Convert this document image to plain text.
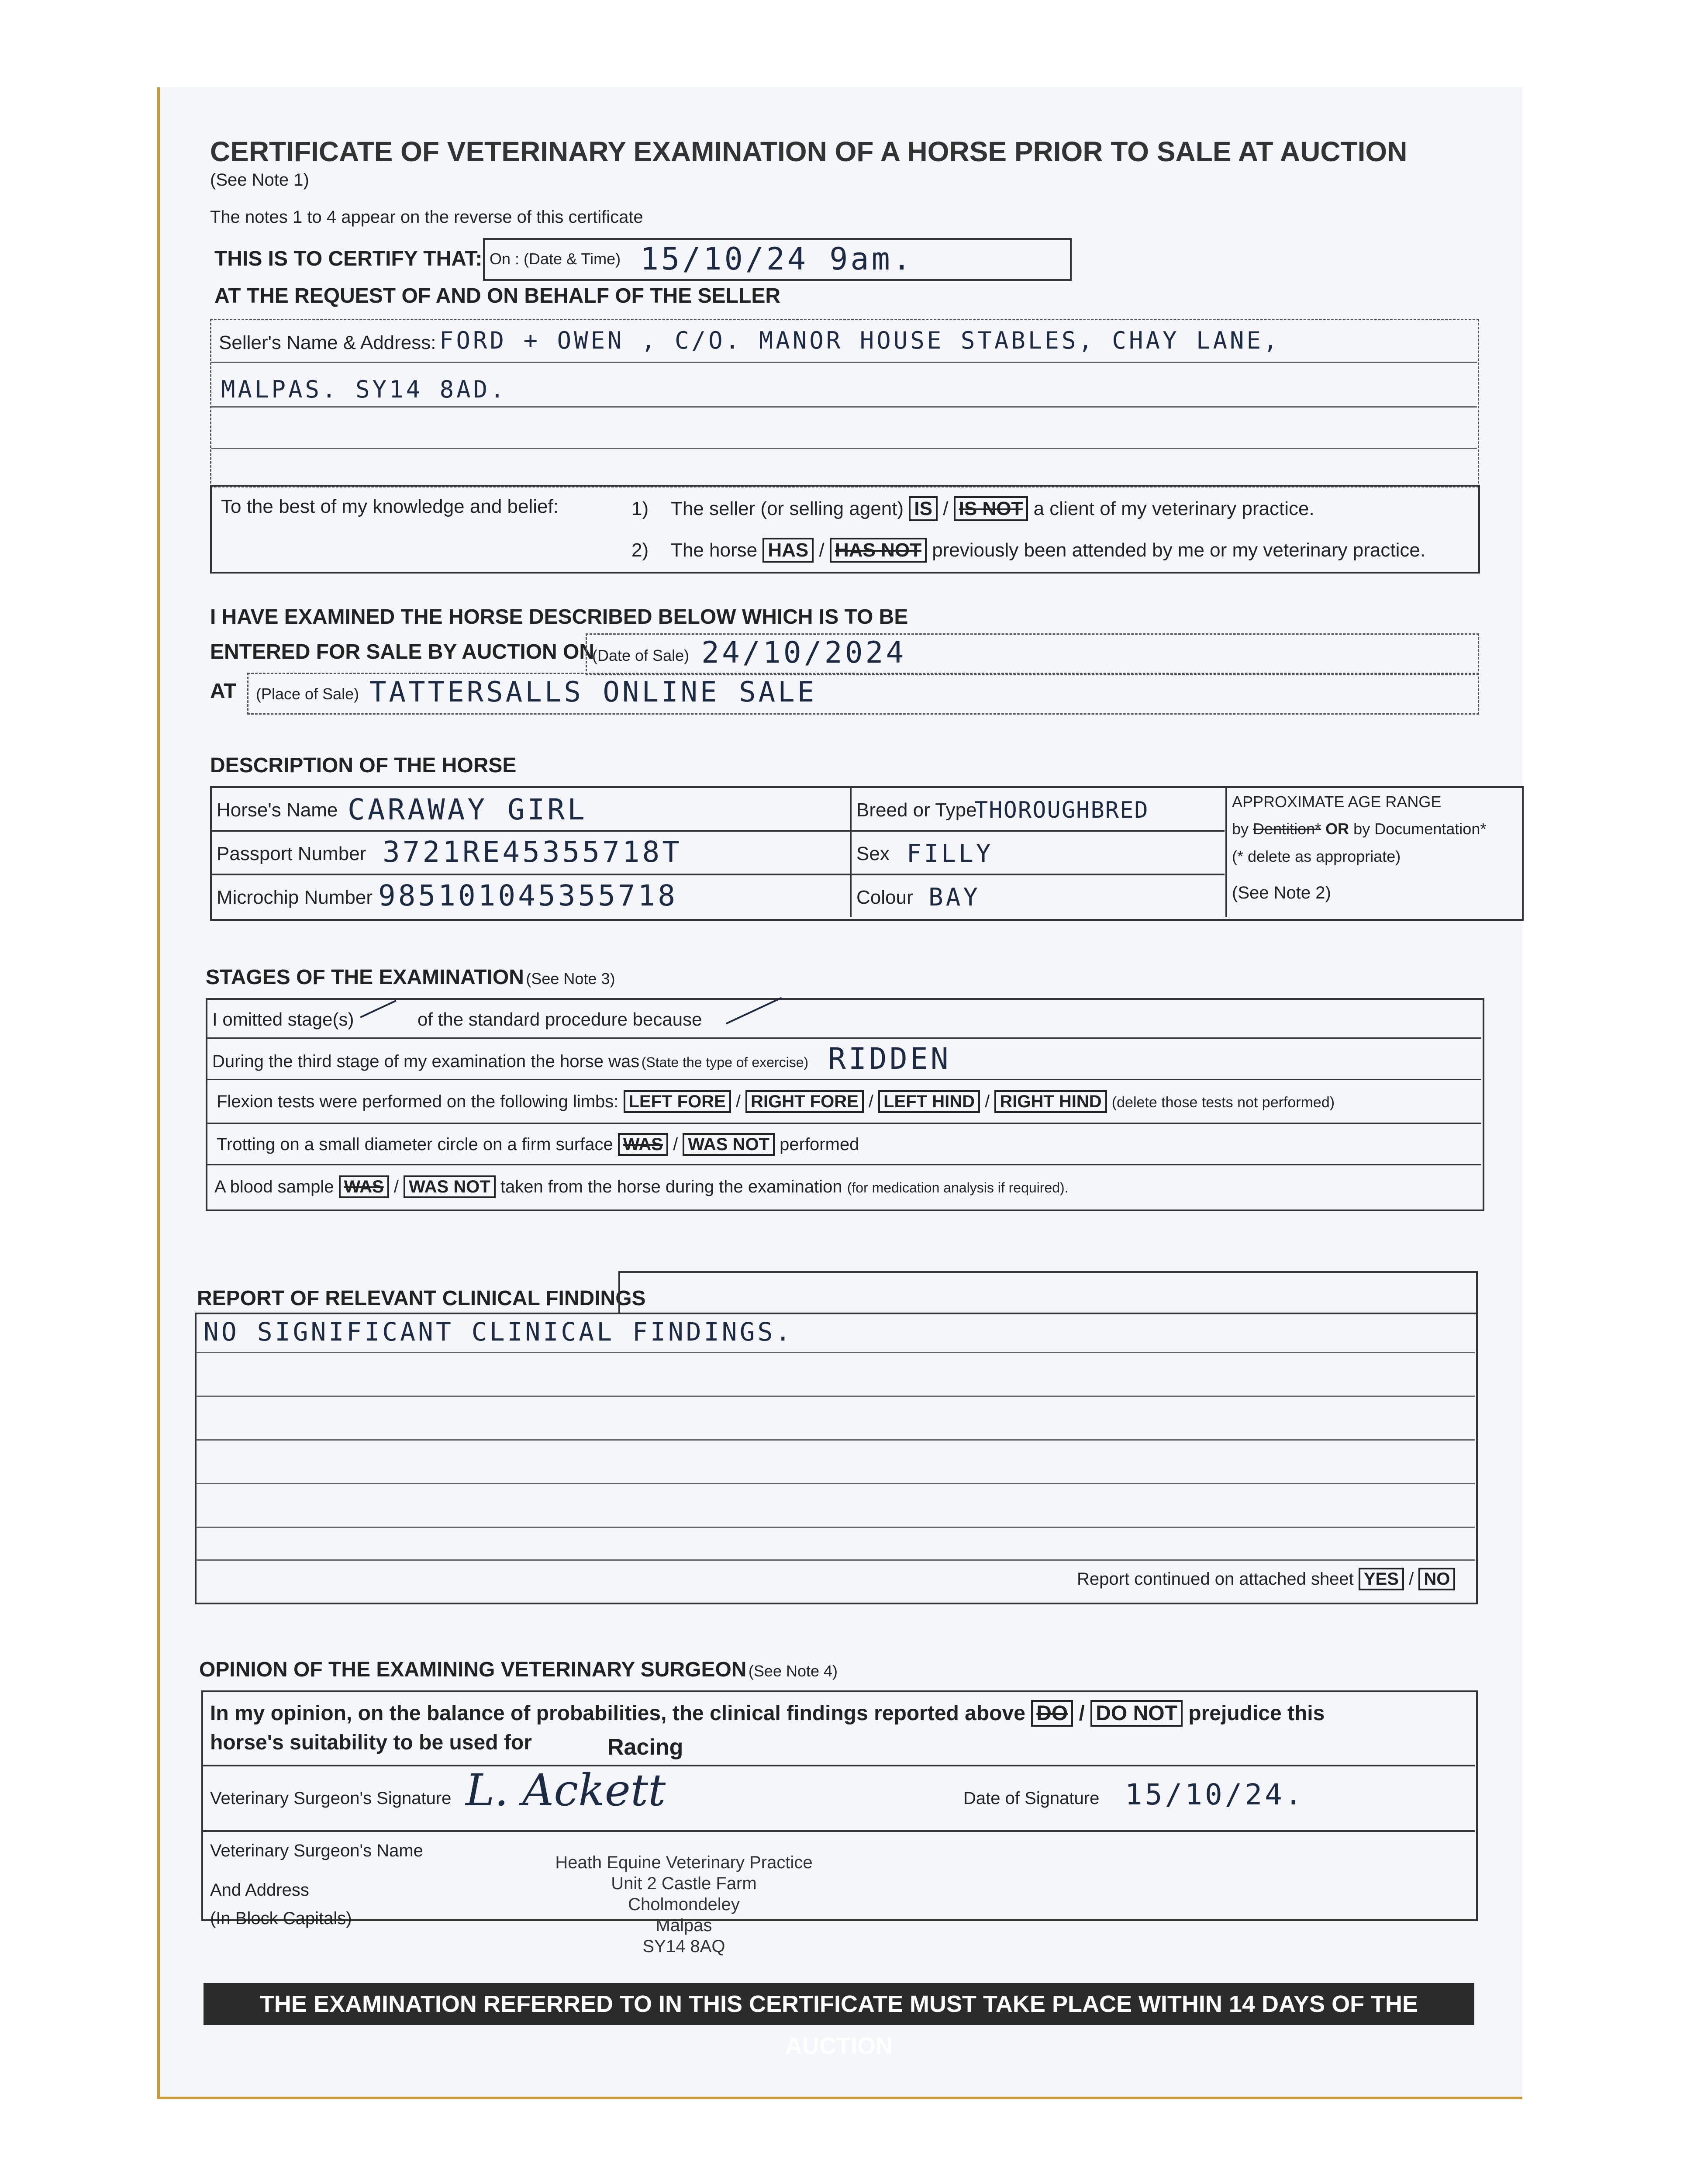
CERTIFICATE OF VETERINARY EXAMINATION OF A HORSE PRIOR TO SALE AT AUCTION
(See Note 1)
The notes 1 to 4 appear on the reverse of this certificate
THIS IS TO CERTIFY THAT: On : (Date & Time) 15/10/24 9am.
AT THE REQUEST OF AND ON BEHALF OF THE SELLER
Seller's Name & Address: FORD + OWEN , C/O. MANOR HOUSE STABLES, CHAY LANE,
MALPAS. SY14 8AD.
To the best of my knowledge and belief:	1) The seller (or selling agent) IS / IS NOT a client of my veterinary practice.
2) The horse HAS / HAS NOT previously been attended by me or my veterinary practice.
I HAVE EXAMINED THE HORSE DESCRIBED BELOW WHICH IS TO BE
ENTERED FOR SALE BY AUCTION ON
(Date of Sale) 24/10/2024
AT (Place of Sale) TATTERSALLS ONLINE SALE
DESCRIPTION OF THE HORSE
Horse's Name CARAWAY GIRL
Passport Number 3721RE45355718T
Microchip Number 985101045355718
Breed or Type
THOROUGHBRED
Sex FILLY
Colour BAY
APPROXIMATE AGE RANGE
by Dentition* OR by Documentation*
(* delete as appropriate)
(See Note 2)
STAGES OF THE EXAMINATION (See Note 3)
I omitted stage(s)	of the standard procedure because
During the third stage of my examination the horse was (State the type of exercise) RIDDEN
Flexion tests were performed on the following limbs: LEFT FORE / RIGHT FORE / LEFT HIND / RIGHT HIND (delete those tests not performed)
Trotting on a small diameter circle on a firm surface WAS / WAS NOT performed
A blood sample WAS / WAS NOT taken from the horse during the examination (for medication analysis if required).
REPORT OF RELEVANT CLINICAL FINDINGS
NO SIGNIFICANT CLINICAL FINDINGS.
Report continued on attached sheet YES / NO
OPINION OF THE EXAMINING VETERINARY SURGEON (See Note 4)
In my opinion, on the balance of probabilities, the clinical findings reported above DO / DO NOT prejudice this
horse's suitability to be used for	Racing
Veterinary Surgeon's Signature L. Ackett	Date of Signature 15/10/24.
Veterinary Surgeon's Name
And Address
(In Block Capitals)
Heath Equine Veterinary Practice
Unit 2 Castle Farm
Cholmondeley
Malpas
SY14 8AQ
THE EXAMINATION REFERRED TO IN THIS CERTIFICATE MUST TAKE PLACE WITHIN 14 DAYS OF THE AUCTION
